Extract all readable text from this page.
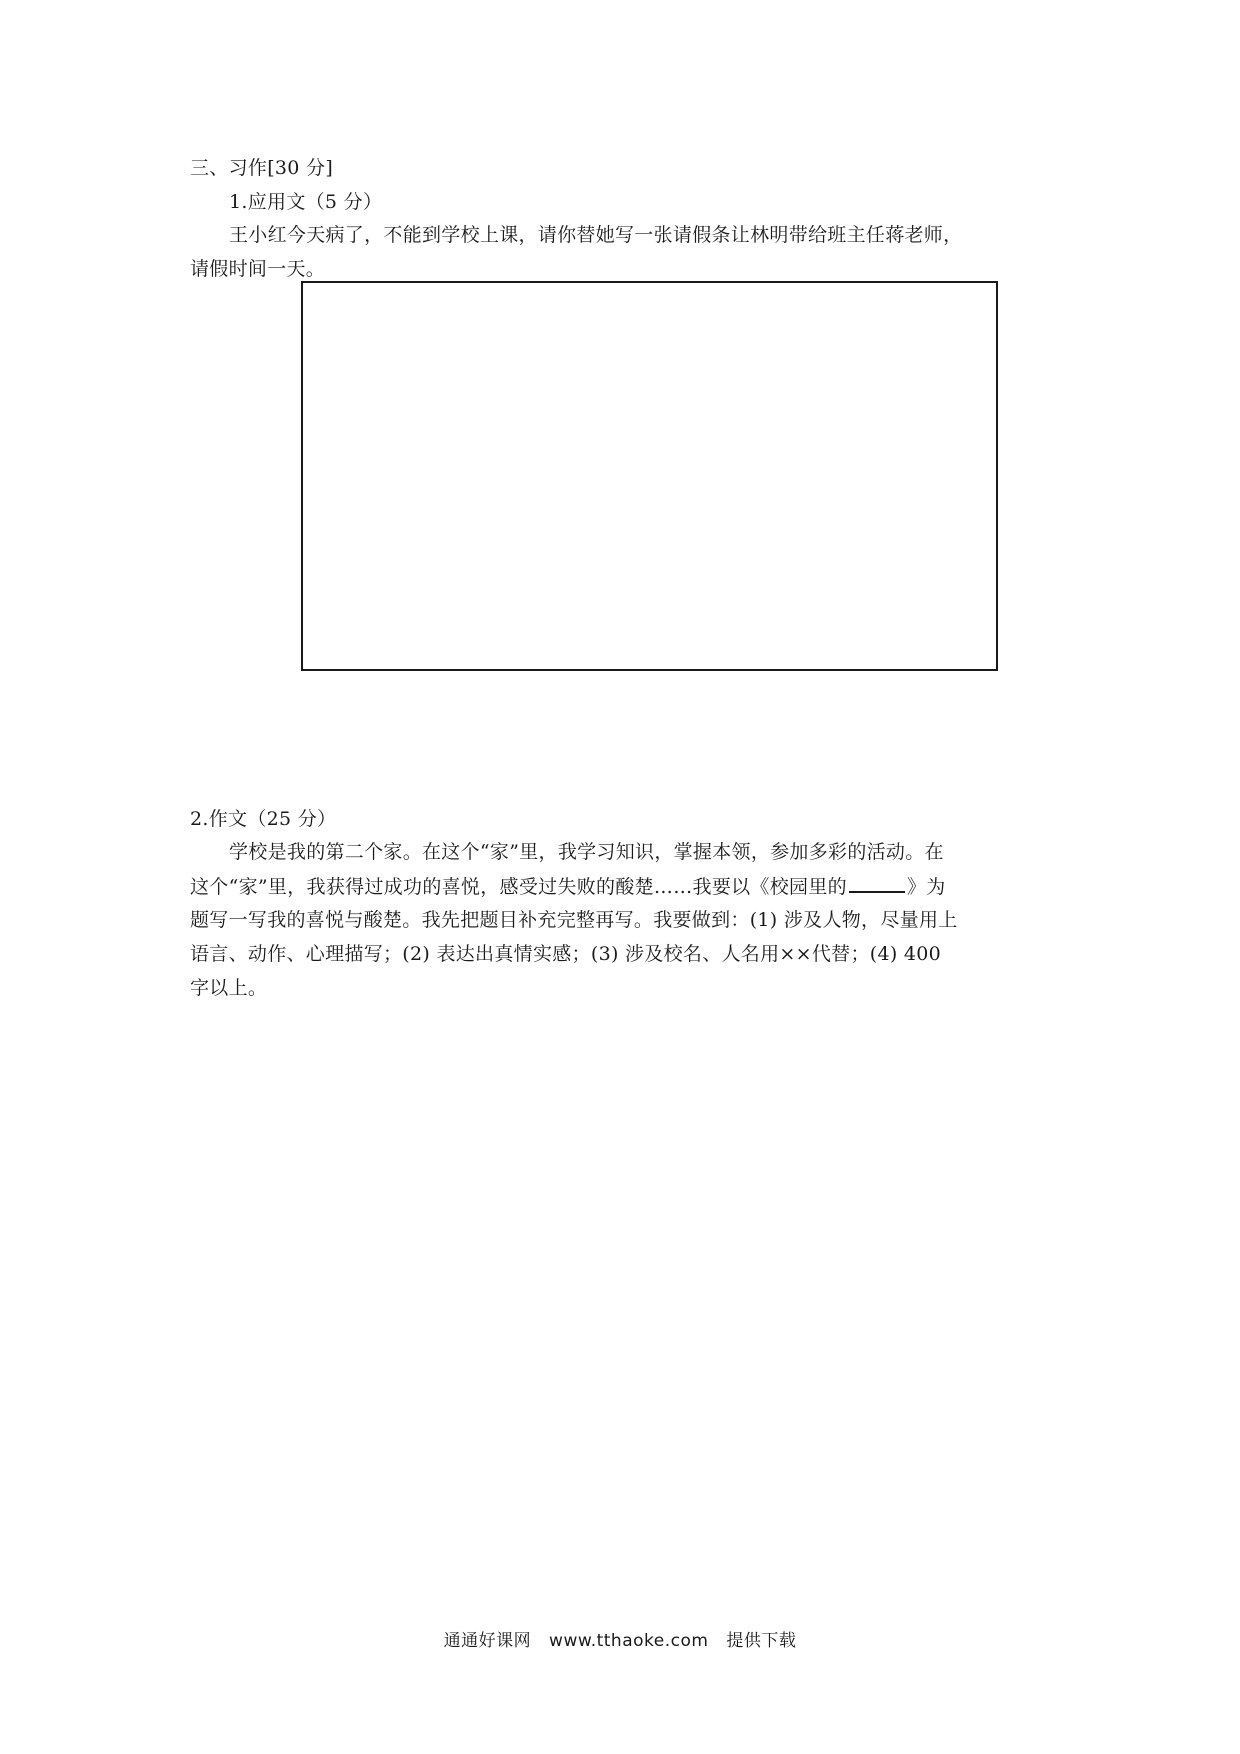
三、习作[30 分]
1.应用文（5 分）
王小红今天病了，不能到学校上课，请你替她写一张请假条让林明带给班主任蒋老师，
请假时间一天。
2.作文（25 分）
学校是我的第二个家。在这个“家”里，我学习知识，掌握本领，参加多彩的活动。在
这个“家”里，我获得过成功的喜悦，感受过失败的酸楚……我要以《校园里的	》为
题写一写我的喜悦与酸楚。我先把题目补充完整再写。我要做到：(1) 涉及人物，尽量用上
语言、动作、心理描写；(2) 表达出真情实感；(3) 涉及校名、人名用××代替；(4) 400
字以上。
通通好课网 www.tthaoke.com 提供下载
